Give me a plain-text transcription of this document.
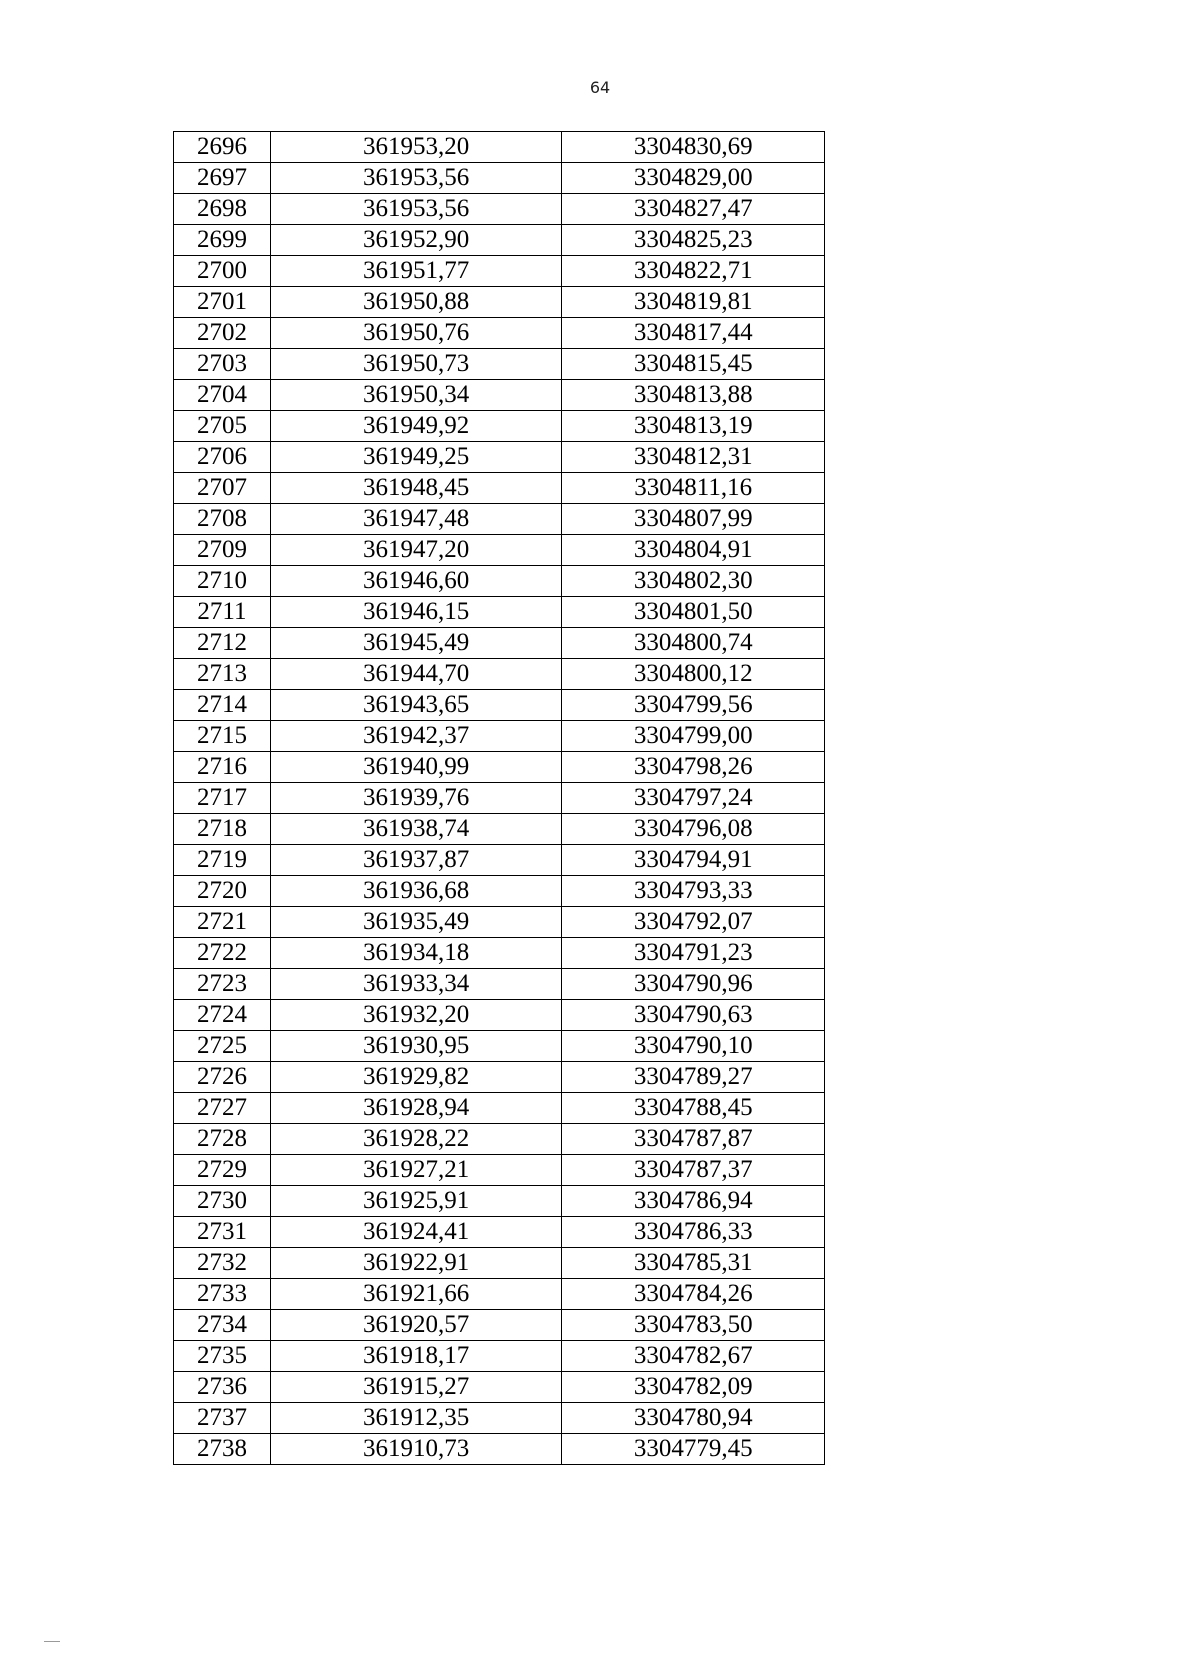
64
2696	361953,20	3304830,69
2697	361953,56	3304829,00
2698	361953,56	3304827,47
2699	361952,90	3304825,23
2700	361951,77	3304822,71
2701	361950,88	3304819,81
2702	361950,76	3304817,44
2703	361950,73	3304815,45
2704	361950,34	3304813,88
2705	361949,92	3304813,19
2706	361949,25	3304812,31
2707	361948,45	3304811,16
2708	361947,48	3304807,99
2709	361947,20	3304804,91
2710	361946,60	3304802,30
2711	361946,15	3304801,50
2712	361945,49	3304800,74
2713	361944,70	3304800,12
2714	361943,65	3304799,56
2715	361942,37	3304799,00
2716	361940,99	3304798,26
2717	361939,76	3304797,24
2718	361938,74	3304796,08
2719	361937,87	3304794,91
2720	361936,68	3304793,33
2721	361935,49	3304792,07
2722	361934,18	3304791,23
2723	361933,34	3304790,96
2724	361932,20	3304790,63
2725	361930,95	3304790,10
2726	361929,82	3304789,27
2727	361928,94	3304788,45
2728	361928,22	3304787,87
2729	361927,21	3304787,37
2730	361925,91	3304786,94
2731	361924,41	3304786,33
2732	361922,91	3304785,31
2733	361921,66	3304784,26
2734	361920,57	3304783,50
2735	361918,17	3304782,67
2736	361915,27	3304782,09
2737	361912,35	3304780,94
2738	361910,73	3304779,45
